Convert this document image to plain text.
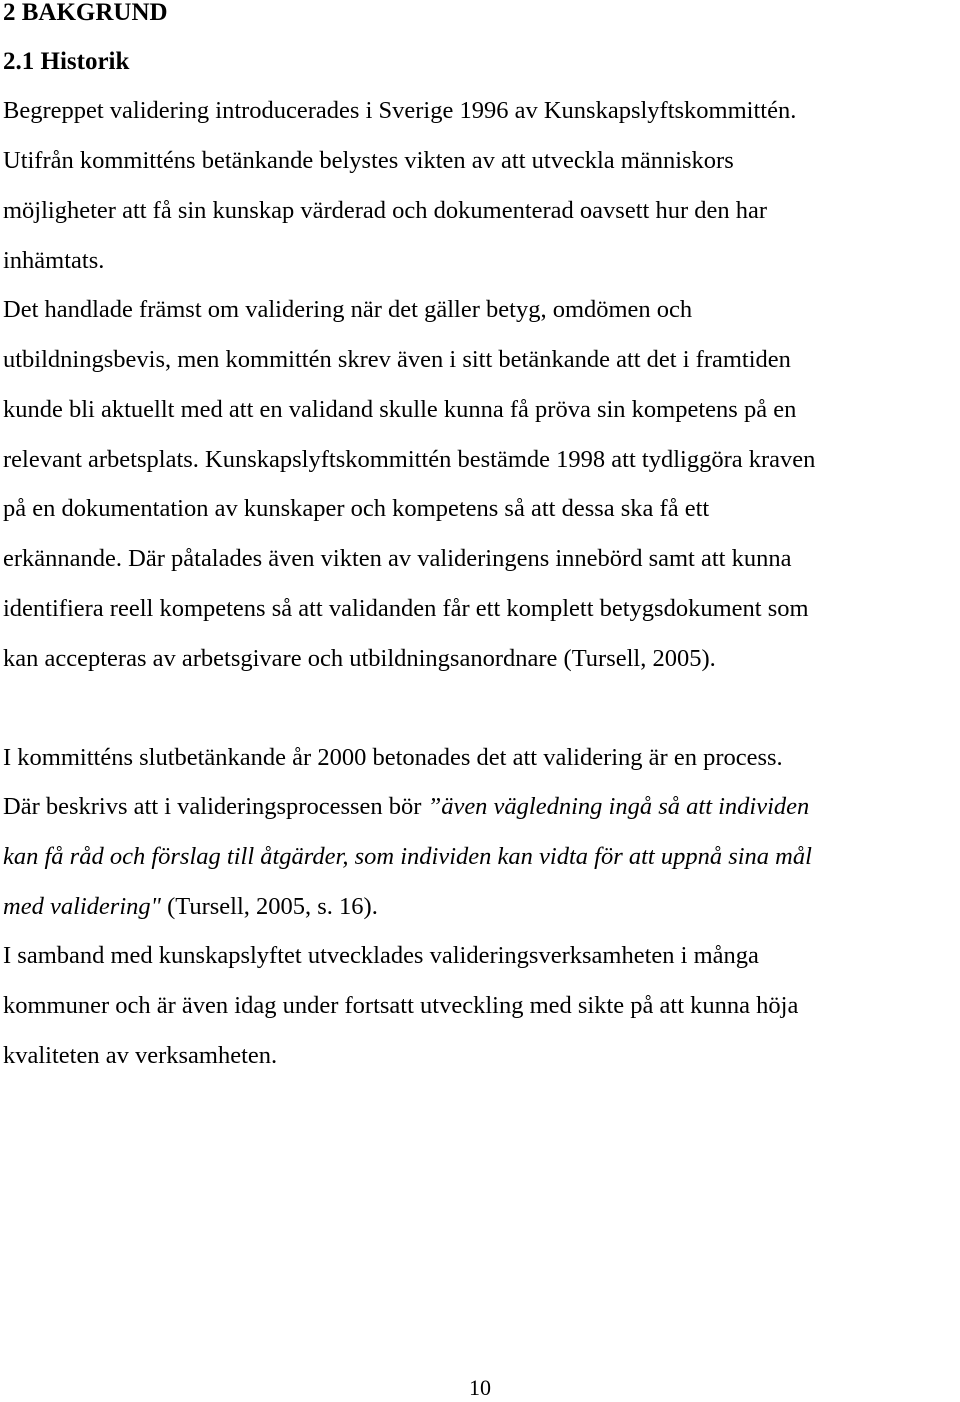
2 BAKGRUND

2.1 Historik

Begreppet validering introducerades i Sverige 1996 av Kunskapslyftskommittén.

Utifrån kommitténs betänkande belystes vikten av att utveckla människors

möjligheter att få sin kunskap värderad och dokumenterad oavsett hur den har

inhämtats.

Det handlade främst om validering när det gäller betyg, omdömen och

utbildningsbevis, men kommittén skrev även i sitt betänkande att det i framtiden

kunde bli aktuellt med att en validand skulle kunna få pröva sin kompetens på en

relevant arbetsplats. Kunskapslyftskommittén bestämde 1998 att tydliggöra kraven

på en dokumentation av kunskaper och kompetens så att dessa ska få ett

erkännande. Där påtalades även vikten av valideringens innebörd samt att kunna

identifiera reell kompetens så att validanden får ett komplett betygsdokument som

kan accepteras av arbetsgivare och utbildningsanordnare (Tursell, 2005).

I kommitténs slutbetänkande år 2000 betonades det att validering är en process.

Där beskrivs att i valideringsprocessen bör ”även vägledning ingå så att individen

kan få råd och förslag till åtgärder, som individen kan vidta för att uppnå sina mål

med validering" (Tursell, 2005, s. 16).

I samband med kunskapslyftet utvecklades valideringsverksamheten i många

kommuner och är även idag under fortsatt utveckling med sikte på att kunna höja

kvaliteten av verksamheten.

10
